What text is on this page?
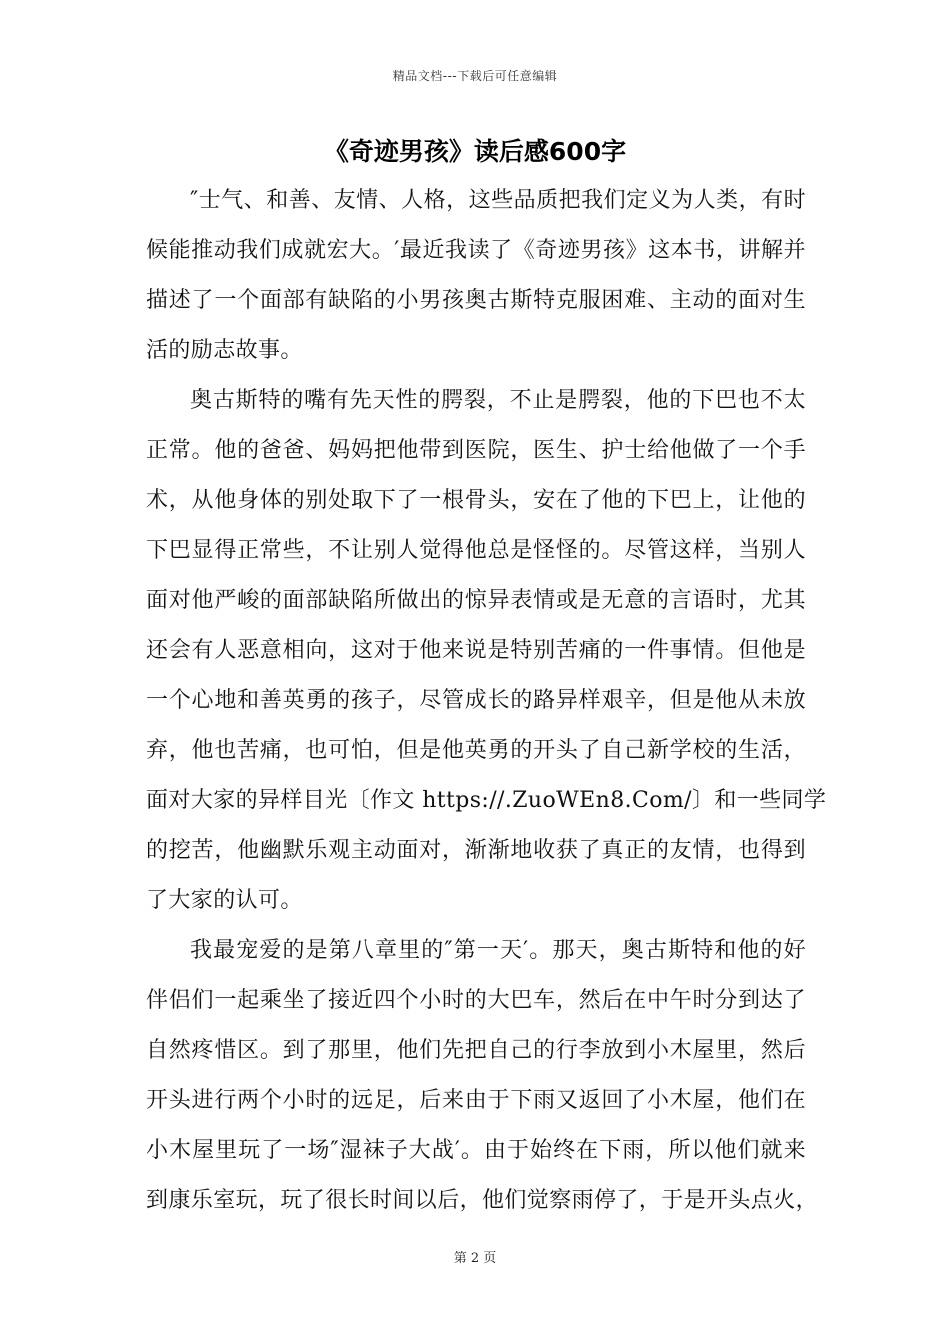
精品文档---下载后可任意编辑
《奇迹男孩》读后感600字
″士气、和善、友情、人格，这些品质把我们定义为人类，有时
候能推动我们成就宏大。′最近我读了《奇迹男孩》这本书，讲解并
描述了一个面部有缺陷的小男孩奥古斯特克服困难、主动的面对生
活的励志故事。
奥古斯特的嘴有先天性的腭裂，不止是腭裂，他的下巴也不太
正常。他的爸爸、妈妈把他带到医院，医生、护士给他做了一个手
术，从他身体的别处取下了一根骨头，安在了他的下巴上，让他的
下巴显得正常些，不让别人觉得他总是怪怪的。尽管这样，当别人
面对他严峻的面部缺陷所做出的惊异表情或是无意的言语时，尤其
还会有人恶意相向，这对于他来说是特别苦痛的一件事情。但他是
一个心地和善英勇的孩子，尽管成长的路异样艰辛，但是他从未放
弃，他也苦痛，也可怕，但是他英勇的开头了自己新学校的生活，
面对大家的异样目光〔作文 https://.ZuoWEn8.Com/〕和一些同学
的挖苦，他幽默乐观主动面对，渐渐地收获了真正的友情，也得到
了大家的认可。
我最宠爱的是第八章里的″第一天′。那天，奥古斯特和他的好
伴侣们一起乘坐了接近四个小时的大巴车，然后在中午时分到达了
自然疼惜区。到了那里，他们先把自己的行李放到小木屋里，然后
开头进行两个小时的远足，后来由于下雨又返回了小木屋，他们在
小木屋里玩了一场″湿袜子大战′。由于始终在下雨，所以他们就来
到康乐室玩，玩了很长时间以后，他们觉察雨停了，于是开头点火，
第 2 页
